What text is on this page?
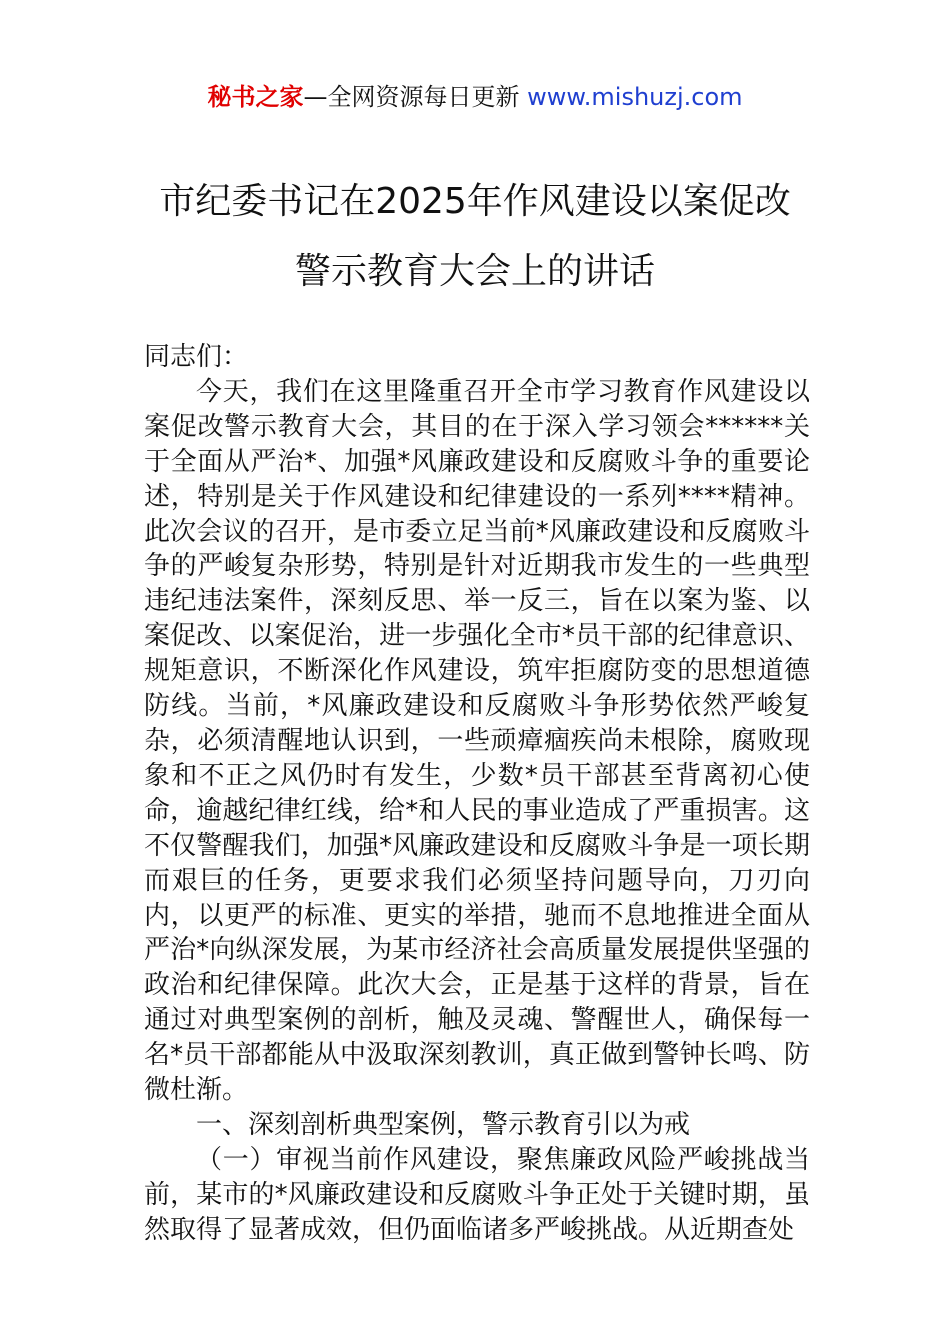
秘书之家—全网资源每日更新 www.mishuzj.com
市纪委书记在2025年作风建设以案促改
警示教育大会上的讲话

同志们：

今天，我们在这里隆重召开全市学习教育作风建设以案促改警示教育大会，其目的在于深入学习领会******关于全面从严治*、加强*风廉政建设和反腐败斗争的重要论述，特别是关于作风建设和纪律建设的一系列****精神。此次会议的召开，是市委立足当前*风廉政建设和反腐败斗争的严峻复杂形势，特别是针对近期我市发生的一些典型违纪违法案件，深刻反思、举一反三，旨在以案为鉴、以案促改、以案促治，进一步强化全市*员干部的纪律意识、规矩意识，不断深化作风建设，筑牢拒腐防变的思想道德防线。当前，*风廉政建设和反腐败斗争形势依然严峻复杂，必须清醒地认识到，一些顽瘴痼疾尚未根除，腐败现象和不正之风仍时有发生，少数*员干部甚至背离初心使命，逾越纪律红线，给*和人民的事业造成了严重损害。这不仅警醒我们，加强*风廉政建设和反腐败斗争是一项长期而艰巨的任务，更要求我们必须坚持问题导向，刀刃向内，以更严的标准、更实的举措，驰而不息地推进全面从严治*向纵深发展，为某市经济社会高质量发展提供坚强的政治和纪律保障。此次大会，正是基于这样的背景，旨在通过对典型案例的剖析，触及灵魂、警醒世人，确保每一名*员干部都能从中汲取深刻教训，真正做到警钟长鸣、防微杜渐。

一、深刻剖析典型案例，警示教育引以为戒

（一）审视当前作风建设，聚焦廉政风险严峻挑战当前，某市的*风廉政建设和反腐败斗争正处于关键时期，虽然取得了显著成效，但仍面临诸多严峻挑战。从近期查处
